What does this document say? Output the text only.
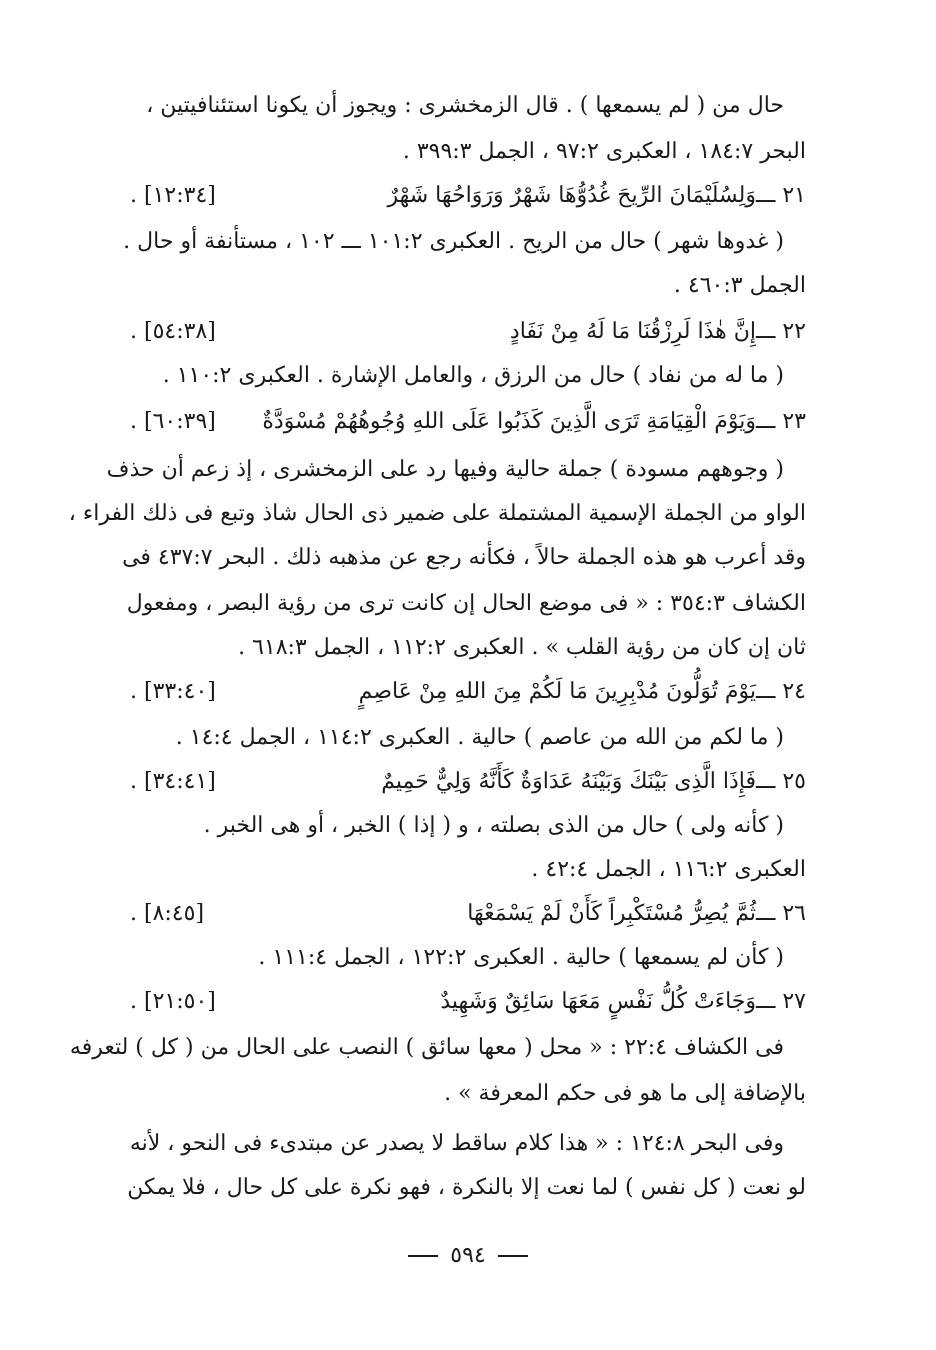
حال من ( لم يسمعها ) . قال الزمخشرى : ويجوز أن يكونا استئنافيتين ،
البحر ١٨٤:٧ ، العكبرى ٩٧:٢ ، الجمل ٣٩٩:٣ .
٢١ ـــ
وَلِسُلَيْمَانَ الرِّيحَ غُدُوُّهَا شَهْرٌ وَرَوَاحُهَا شَهْرٌ
[١٢:٣٤] .
( غدوها شهر ) حال من الريح . العكبرى ١٠١:٢ ـــ ١٠٢ ، مستأنفة أو حال .
الجمل ٤٦٠:٣ .
٢٢ ـــ
إِنَّ هٰذَا لَرِزْقُنَا مَا لَهُ مِنْ نَفَادٍ
[٥٤:٣٨] .
( ما له من نفاد ) حال من الرزق ، والعامل الإشارة . العكبرى ١١٠:٢ .
٢٣ ـــ
وَيَوْمَ الْقِيَامَةِ تَرَى الَّذِينَ كَذَبُوا عَلَى اللهِ وُجُوهُهُمْ مُسْوَدَّةٌ
[٦٠:٣٩] .
( وجوههم مسودة ) جملة حالية وفيها رد على الزمخشرى ، إذ زعم أن حذف
الواو من الجملة الإسمية المشتملة على ضمير ذى الحال شاذ وتبع فى ذلك الفراء ،
وقد أعرب هو هذه الجملة حالاً ، فكأنه رجع عن مذهبه ذلك . البحر ٤٣٧:٧ فى
الكشاف ٣٥٤:٣ : « فى موضع الحال إن كانت ترى من رؤية البصر ، ومفعول
ثان إن كان من رؤية القلب » . العكبرى ١١٢:٢ ، الجمل ٦١٨:٣ .
٢٤ ـــ
يَوْمَ تُوَلُّونَ مُدْبِرِينَ مَا لَكُمْ مِنَ اللهِ مِنْ عَاصِمٍ
[٣٣:٤٠] .
( ما لكم من الله من عاصم ) حالية . العكبرى ١١٤:٢ ، الجمل ١٤:٤ .
٢٥ ـــ
فَإِذَا الَّذِى بَيْنَكَ وَبَيْنَهُ عَدَاوَةٌ كَأَنَّهُ وَلِيٌّ حَمِيمٌ
[٣٤:٤١] .
( كأنه ولى ) حال من الذى بصلته ، و ( إذا ) الخبر ، أو هى الخبر .
العكبرى ١١٦:٢ ، الجمل ٤٢:٤ .
٢٦ ـــ
ثُمَّ يُصِرُّ مُسْتَكْبِراً كَأَنْ لَمْ يَسْمَعْهَا
[٨:٤٥] .
( كأن لم يسمعها ) حالية . العكبرى ١٢٢:٢ ، الجمل ١١١:٤ .
٢٧ ـــ
وَجَاءَتْ كُلُّ نَفْسٍ مَعَهَا سَائِقٌ وَشَهِيدٌ
[٢١:٥٠] .
فى الكشاف ٢٢:٤ : « محل ( معها سائق ) النصب على الحال من ( كل ) لتعرفه
بالإضافة إلى ما هو فى حكم المعرفة » .
وفى البحر ١٢٤:٨ : « هذا كلام ساقط لا يصدر عن مبتدىء فى النحو ، لأنه
لو نعت ( كل نفس ) لما نعت إلا بالنكرة ، فهو نكرة على كل حال ، فلا يمكن
٥٩٤
